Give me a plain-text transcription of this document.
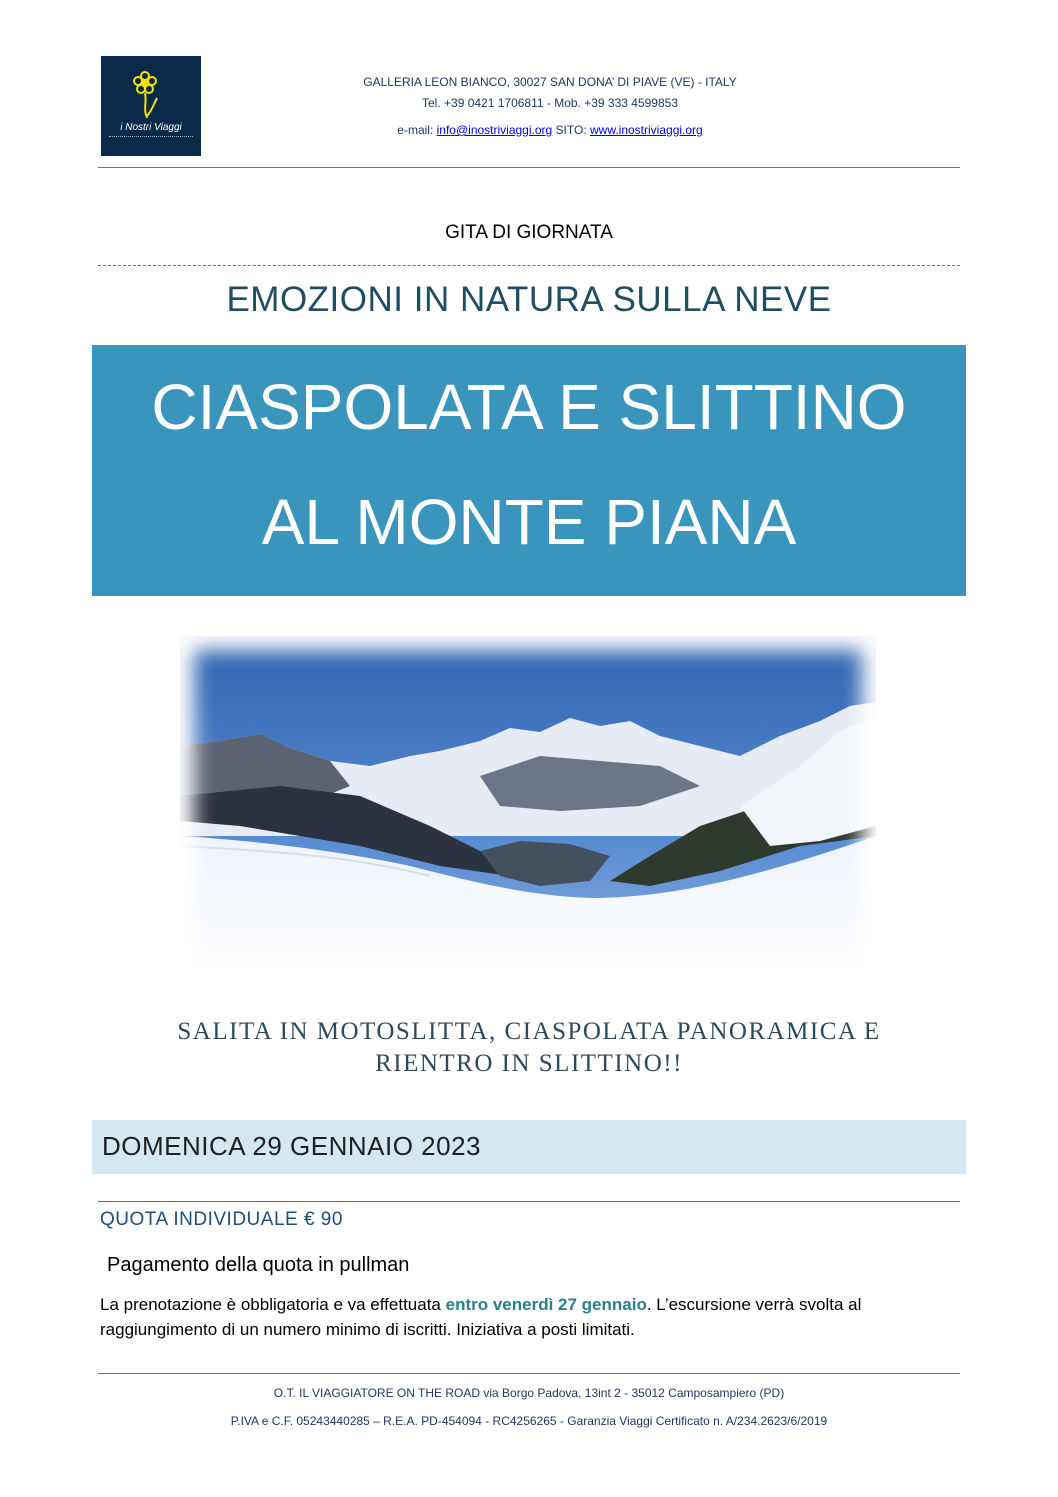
i Nostri Viaggi
GALLERIA LEON BIANCO, 30027 SAN DONA’ DI PIAVE (VE) - ITALY
Tel. +39 0421 1706811 - Mob. +39 333 4599853
e-mail: info@inostriviaggi.org SITO: www.inostriviaggi.org
GITA DI GIORNATA
EMOZIONI IN NATURA SULLA NEVE
CIASPOLATA E SLITTINO
AL MONTE PIANA
SALITA IN MOTOSLITTA, CIASPOLATA PANORAMICA E
RIENTRO IN SLITTINO!!
DOMENICA 29 GENNAIO 2023
QUOTA INDIVIDUALE € 90
Pagamento della quota in pullman
La prenotazione è obbligatoria e va effettuata entro venerdì 27 gennaio. L’escursione verrà svolta al raggiungimento di un numero minimo di iscritti. Iniziativa a posti limitati.
O.T. IL VIAGGIATORE ON THE ROAD via Borgo Padova, 13int 2 - 35012 Camposampiero (PD)
P.IVA e C.F. 05243440285 – R.E.A. PD-454094 - RC4256265 - Garanzia Viaggi Certificato n. A/234.2623/6/2019
